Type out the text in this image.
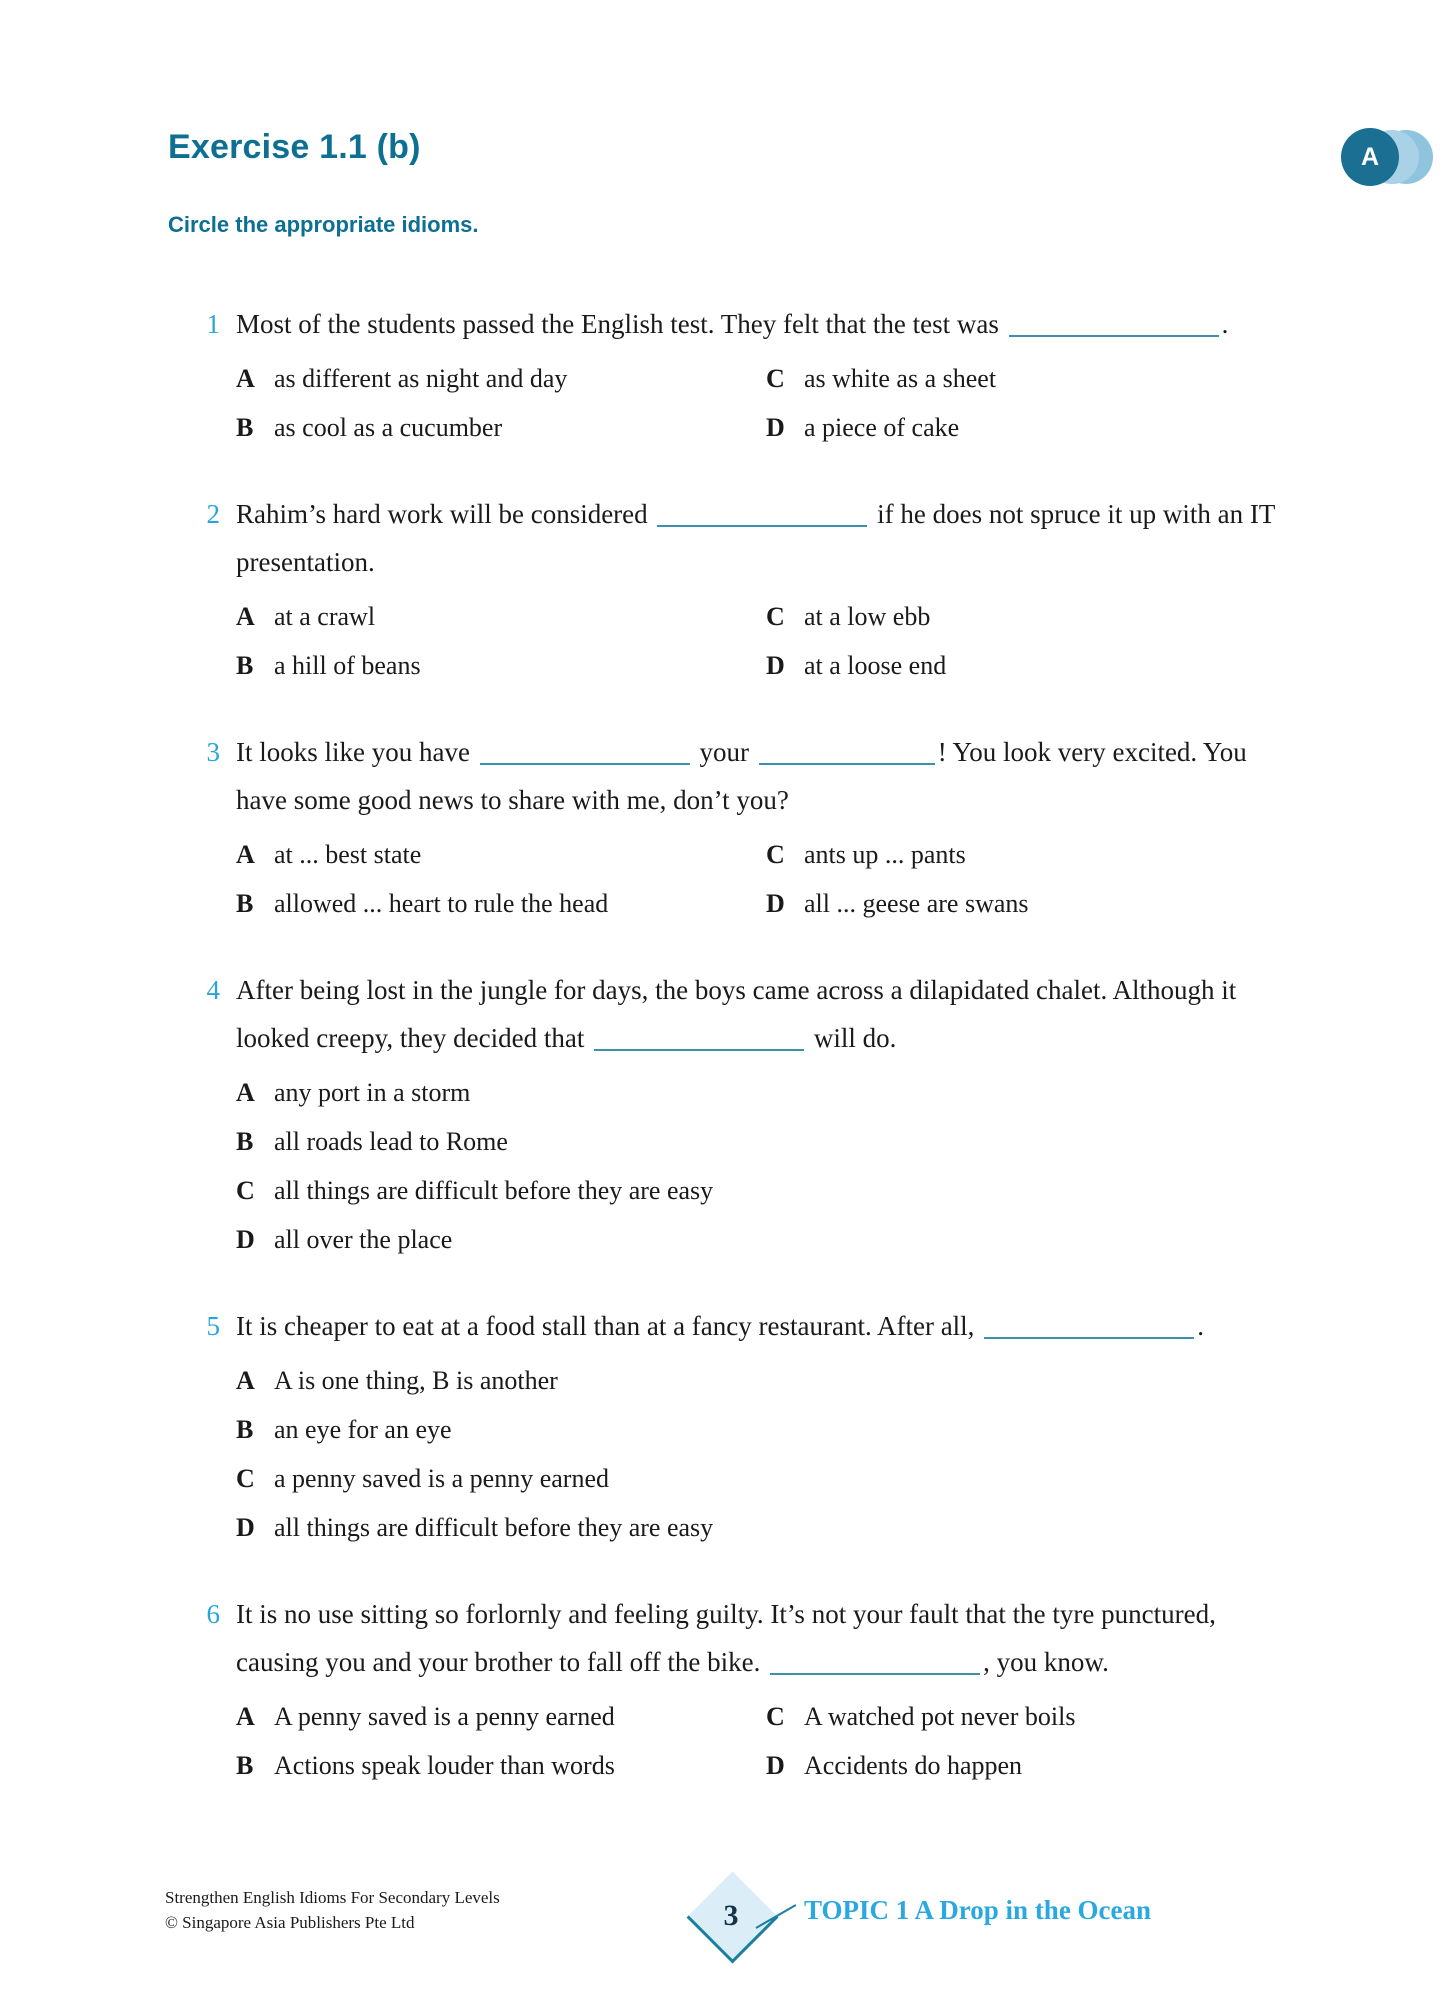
Exercise 1.1 (b)
Circle the appropriate idioms.
A
1 Most of the students passed the English test. They felt that the test was	.
A as different as night and day	C as white as a sheet
B as cool as a cucumber	D a piece of cake
2 Rahim’s hard work will be considered	if he does not spruce it up with an IT presentation.
A at a crawl	C at a low ebb
B a hill of beans	D at a loose end
3 It looks like you have	your	! You look very excited. You have some good news to share with me, don’t you?
A at ... best state	C ants up ... pants
B allowed ... heart to rule the head	D all ... geese are swans
4 After being lost in the jungle for days, the boys came across a dilapidated chalet. Although it looked creepy, they decided that	will do.
A any port in a storm
B all roads lead to Rome
C all things are difficult before they are easy
D all over the place
5 It is cheaper to eat at a food stall than at a fancy restaurant. After all,	.
A A is one thing, B is another
B an eye for an eye
C a penny saved is a penny earned
D all things are difficult before they are easy
6 It is no use sitting so forlornly and feeling guilty. It’s not your fault that the tyre punctured, causing you and your brother to fall off the bike.	, you know.
A A penny saved is a penny earned	C A watched pot never boils
B Actions speak louder than words	D Accidents do happen
Strengthen English Idioms For Secondary Levels
© Singapore Asia Publishers Pte Ltd	3	TOPIC 1 A Drop in the Ocean
